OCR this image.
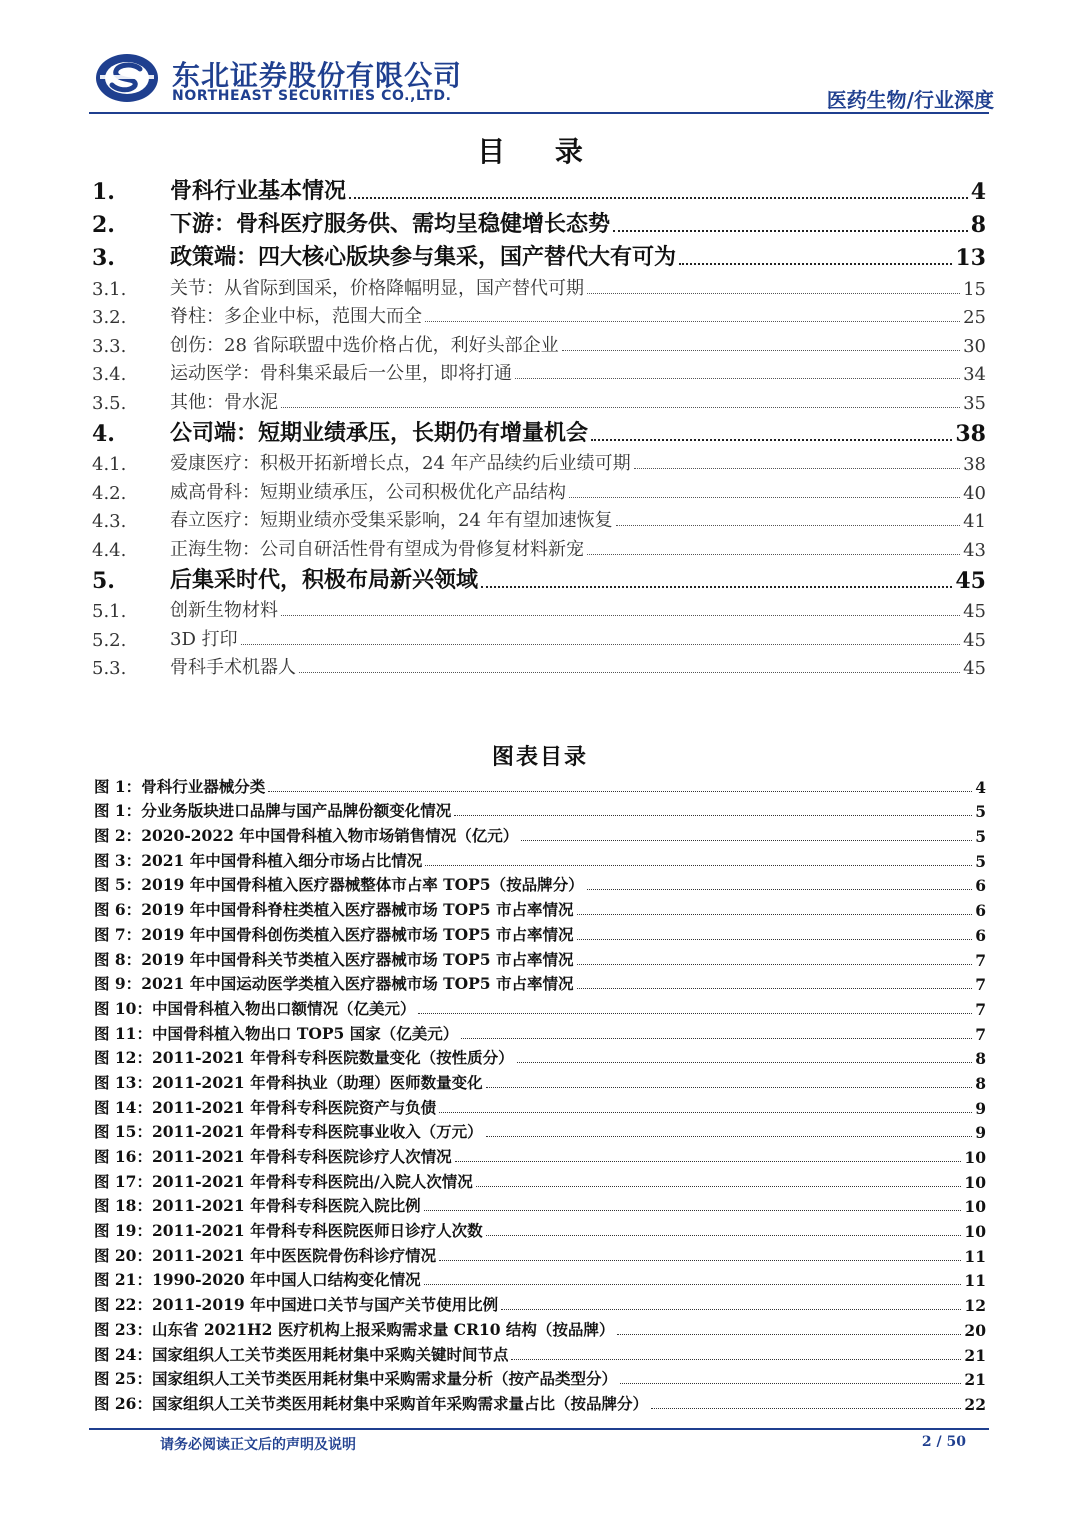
东北证券股份有限公司
NORTHEAST SECURITIES CO.,LTD.	医药生物/行业深度
目 录
1.	骨科行业基本情况	4
2.	下游：骨科医疗服务供、需均呈稳健增长态势	8
3.	政策端：四大核心版块参与集采，国产替代大有可为	13
3.1.	关节：从省际到国采，价格降幅明显，国产替代可期	15
3.2.	脊柱：多企业中标，范围大而全	25
3.3.	创伤：28 省际联盟中选价格占优，利好头部企业	30
3.4.	运动医学：骨科集采最后一公里，即将打通	34
3.5.	其他：骨水泥	35
4.	公司端：短期业绩承压，长期仍有增量机会	38
4.1.	爱康医疗：积极开拓新增长点，24 年产品续约后业绩可期	38
4.2.	威高骨科：短期业绩承压，公司积极优化产品结构	40
4.3.	春立医疗：短期业绩亦受集采影响，24 年有望加速恢复	41
4.4.	正海生物：公司自研活性骨有望成为骨修复材料新宠	43
5.	后集采时代，积极布局新兴领域	45
5.1.	创新生物材料	45
5.2.	3D 打印	45
5.3.	骨科手术机器人	45
图表目录
图 1： 骨科行业器械分类	4
图 1： 分业务版块进口品牌与国产品牌份额变化情况	5
图 2： 2020-2022 年中国骨科植入物市场销售情况（亿元）	5
图 3： 2021 年中国骨科植入细分市场占比情况	5
图 5： 2019 年中国骨科植入医疗器械整体市占率 TOP5（按品牌分）	6
图 6： 2019 年中国骨科脊柱类植入医疗器械市场 TOP5 市占率情况	6
图 7： 2019 年中国骨科创伤类植入医疗器械市场 TOP5 市占率情况	6
图 8： 2019 年中国骨科关节类植入医疗器械市场 TOP5 市占率情况	7
图 9： 2021 年中国运动医学类植入医疗器械市场 TOP5 市占率情况	7
图 10： 中国骨科植入物出口额情况（亿美元）	7
图 11： 中国骨科植入物出口 TOP5 国家（亿美元）	7
图 12： 2011-2021 年骨科专科医院数量变化（按性质分）	8
图 13： 2011-2021 年骨科执业（助理）医师数量变化	8
图 14： 2011-2021 年骨科专科医院资产与负债	9
图 15： 2011-2021 年骨科专科医院事业收入（万元）	9
图 16： 2011-2021 年骨科专科医院诊疗人次情况	10
图 17： 2011-2021 年骨科专科医院出/入院人次情况	10
图 18： 2011-2021 年骨科专科医院入院比例	10
图 19： 2011-2021 年骨科专科医院医师日诊疗人次数	10
图 20： 2011-2021 年中医医院骨伤科诊疗情况	11
图 21： 1990-2020 年中国人口结构变化情况	11
图 22： 2011-2019 年中国进口关节与国产关节使用比例	12
图 23： 山东省 2021H2 医疗机构上报采购需求量 CR10 结构（按品牌）	20
图 24： 国家组织人工关节类医用耗材集中采购关键时间节点	21
图 25： 国家组织人工关节类医用耗材集中采购需求量分析（按产品类型分）	21
图 26： 国家组织人工关节类医用耗材集中采购首年采购需求量占比（按品牌分）	22
请务必阅读正文后的声明及说明	2 / 50
